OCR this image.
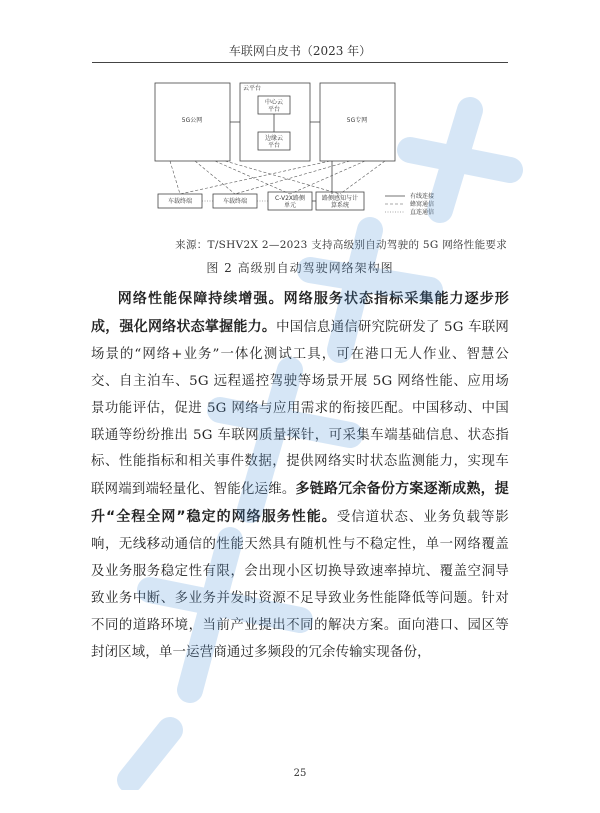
车联网白皮书（2023 年）
云平台
中心云
平台
边缘云
平台
5G公网	5G专网
车载终端	车载终端	C-V2X路侧
单元
路侧感知与计
算系统
有线连接
蜂窝通信
直连通信
来源：T/SHV2X 2—2023 支持高级别自动驾驶的 5G 网络性能要求
图 2 高级别自动驾驶网络架构图

网络性能保障持续增强。网络服务状态指标采集能力逐步形成，强化网络状态掌握能力。中国信息通信研究院研发了 5G 车联网场景的“网络+业务”一体化测试工具，可在港口无人作业、智慧公交、自主泊车、5G 远程遥控驾驶等场景开展 5G 网络性能、应用场景功能评估，促进 5G 网络与应用需求的衔接匹配。中国移动、中国联通等纷纷推出 5G 车联网质量探针，可采集车端基础信息、状态指标、性能指标和相关事件数据，提供网络实时状态监测能力，实现车联网端到端轻量化、智能化运维。多链路冗余备份方案逐渐成熟，提升“全程全网”稳定的网络服务性能。受信道状态、业务负载等影响，无线移动通信的性能天然具有随机性与不稳定性，单一网络覆盖及业务服务稳定性有限，会出现小区切换导致速率掉坑、覆盖空洞导致业务中断、多业务并发时资源不足导致业务性能降低等问题。针对不同的道路环境，当前产业提出不同的解决方案。面向港口、园区等封闭区域，单一运营商通过多频段的冗余传输实现备份，

25
